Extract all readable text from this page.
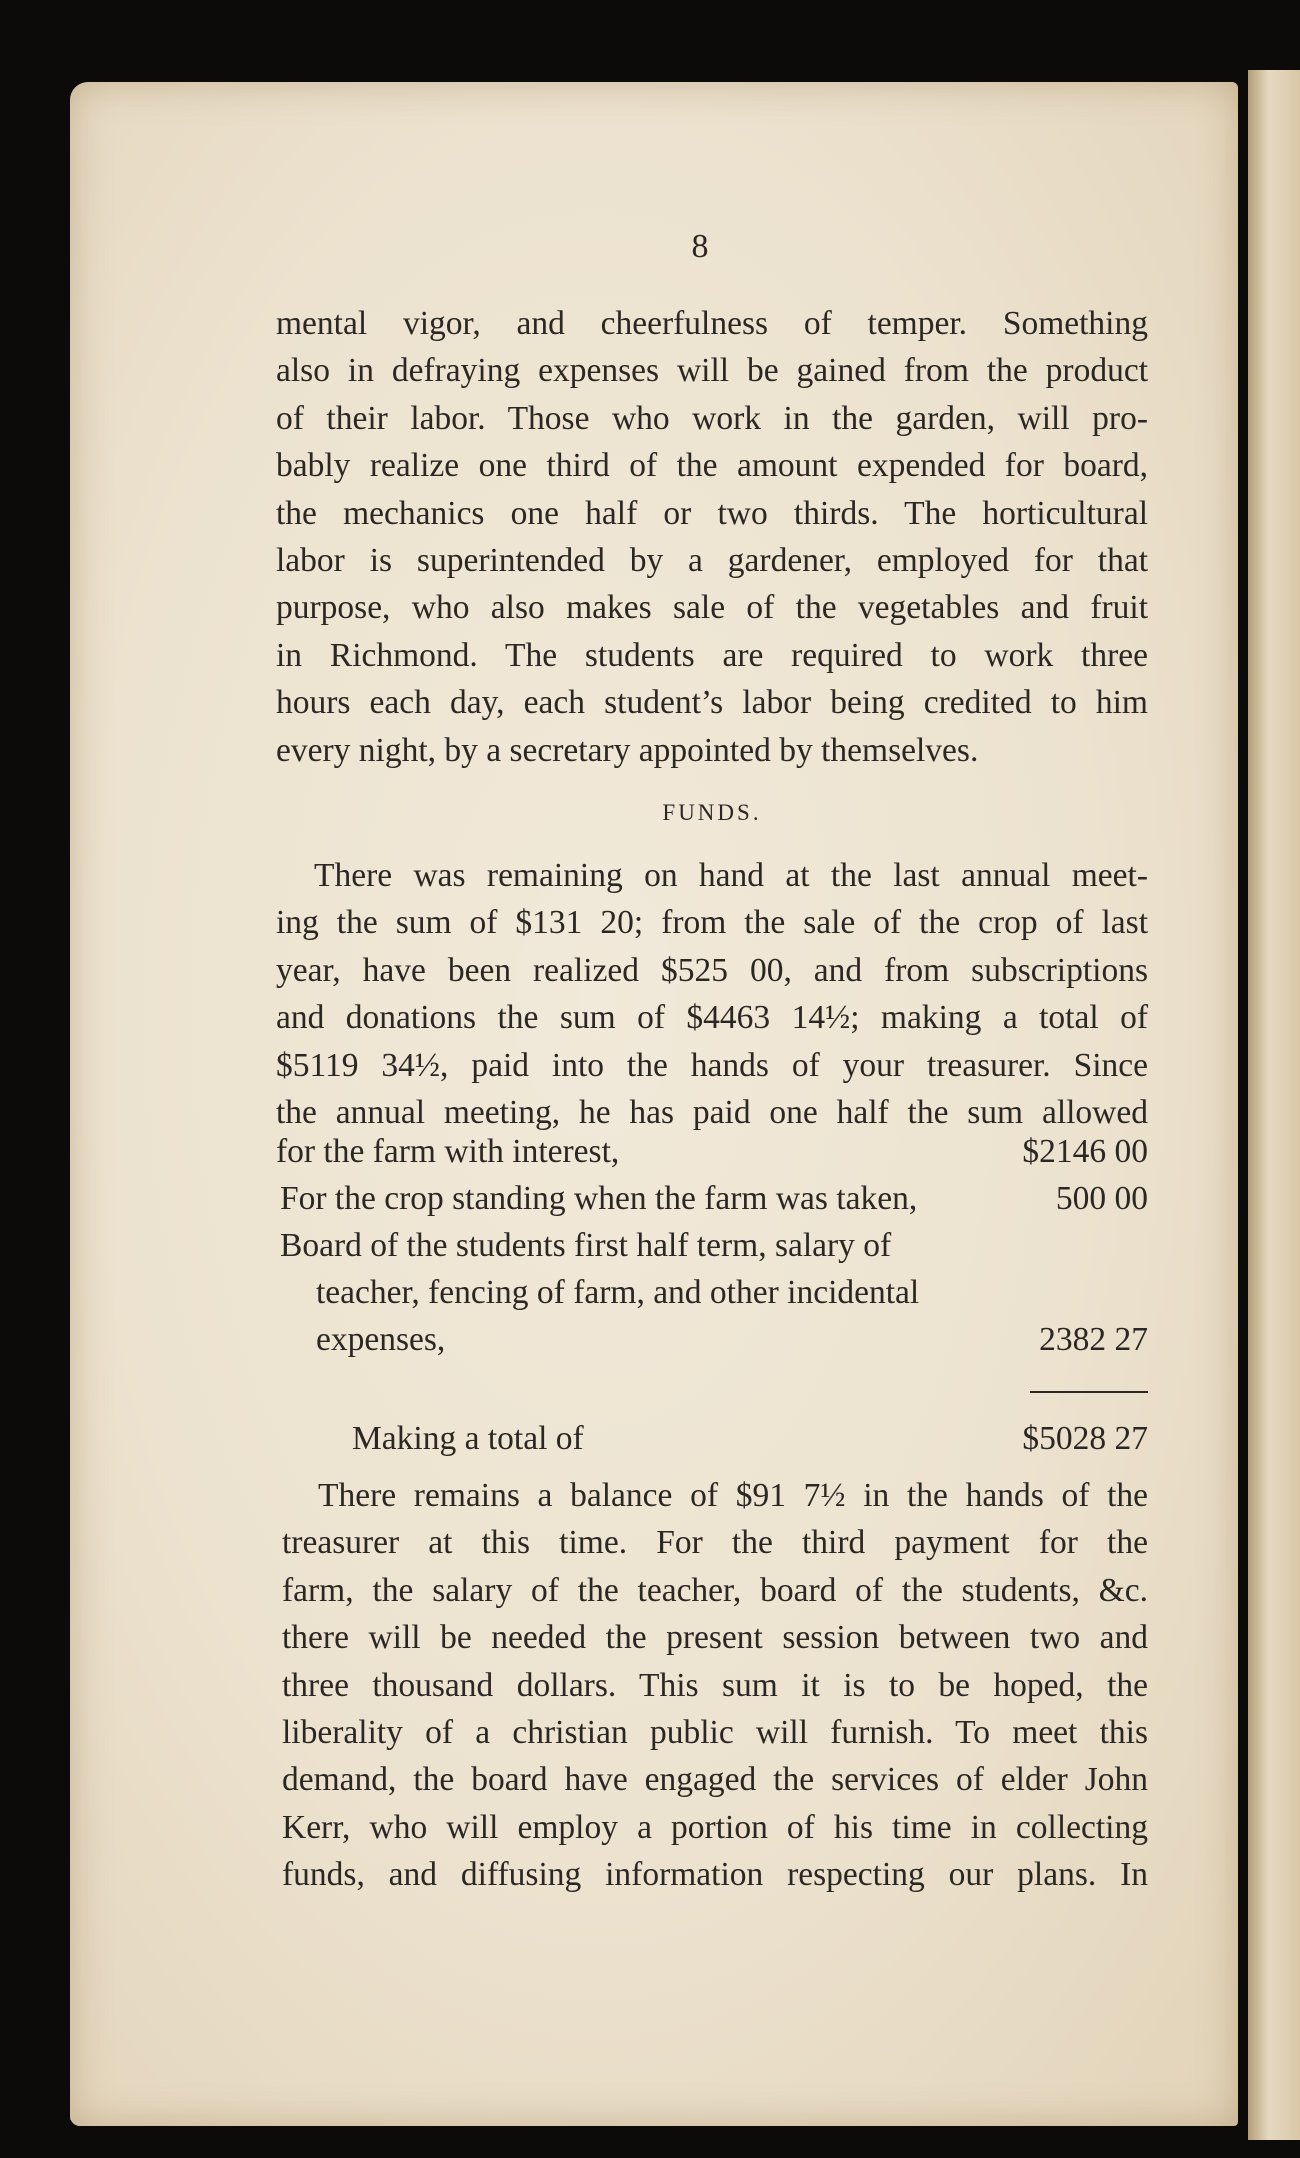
8
mental vigor, and cheerfulness of temper. Something
also in defraying expenses will be gained from the product
of their labor. Those who work in the garden, will pro-
bably realize one third of the amount expended for board,
the mechanics one half or two thirds. The horticultural
labor is superintended by a gardener, employed for that
purpose, who also makes sale of the vegetables and fruit
in Richmond. The students are required to work three
hours each day, each student’s labor being credited to him
every night, by a secretary appointed by themselves.
FUNDS.
There was remaining on hand at the last annual meet-
ing the sum of $131 20; from the sale of the crop of last
year, have been realized $525 00, and from subscriptions
and donations the sum of $4463 14½; making a total of
$5119 34½, paid into the hands of your treasurer. Since
the annual meeting, he has paid one half the sum allowed
for the farm with interest,	$2146 00
For the crop standing when the farm was taken,	500 00
Board of the students first half term, salary of
teacher, fencing of farm, and other incidental
expenses,	2382 27
Making a total of	$5028 27
There remains a balance of $91 7½ in the hands of the
treasurer at this time. For the third payment for the
farm, the salary of the teacher, board of the students, &c.
there will be needed the present session between two and
three thousand dollars. This sum it is to be hoped, the
liberality of a christian public will furnish. To meet this
demand, the board have engaged the services of elder John
Kerr, who will employ a portion of his time in collecting
funds, and diffusing information respecting our plans. In
